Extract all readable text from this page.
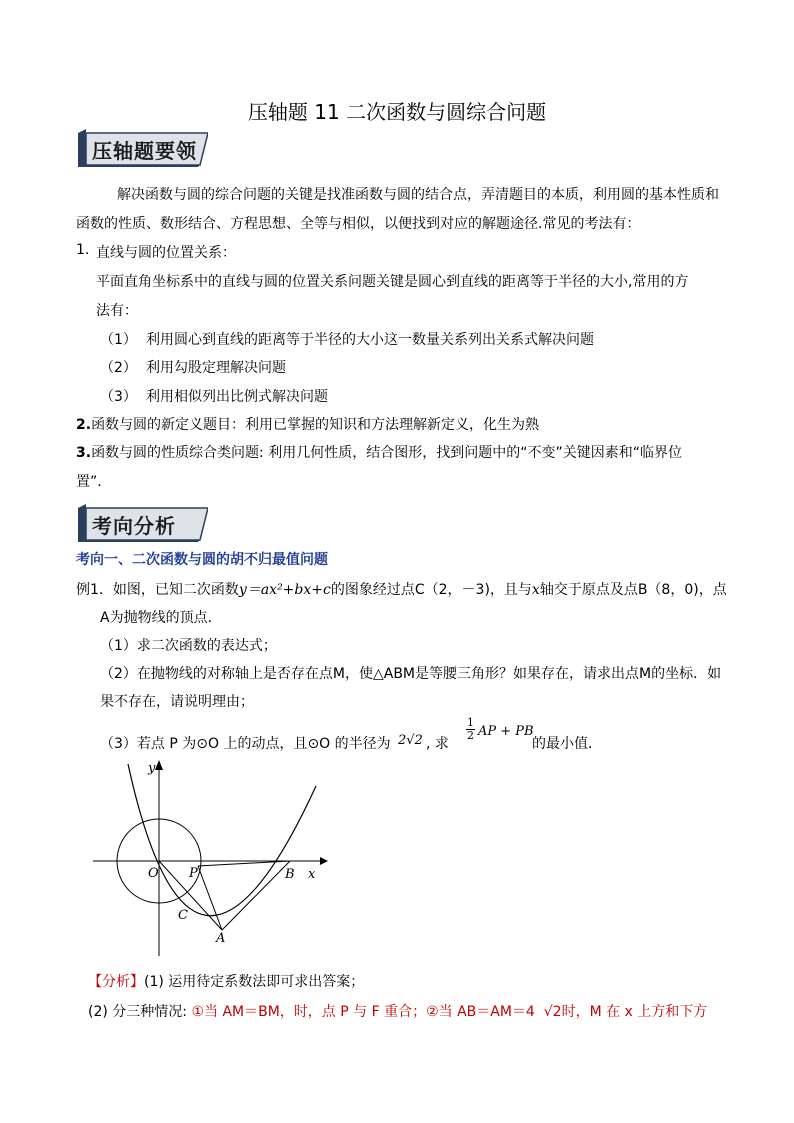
压轴题 11 二次函数与圆综合问题
压轴题要领
解决函数与圆的综合问题的关键是找准函数与圆的结合点，弄清题目的本质，利用圆的基本性质和
函数的性质、数形结合、方程思想、全等与相似，以便找到对应的解题途径.常见的考法有：
1. 直线与圆的位置关系：
平面直角坐标系中的直线与圆的位置关系问题关键是圆心到直线的距离等于半径的大小,常用的方
法有：
（1） 利用圆心到直线的距离等于半径的大小这一数量关系列出关系式解决问题
（2） 利用勾股定理解决问题
（3） 利用相似列出比例式解决问题
2.函数与圆的新定义题目：利用已掌握的知识和方法理解新定义，化生为熟
3.函数与圆的性质综合类问题: 利用几何性质，结合图形，找到问题中的“不变”关键因素和“临界位
置”.
考向分析
考向一、二次函数与圆的胡不归最值问题
例1．如图，已知二次函数y＝ax²+bx+c的图象经过点C（2，－3)，且与x轴交于原点及点B（8，0)，点
A为抛物线的顶点．
（1）求二次函数的表达式；
（2）在抛物线的对称轴上是否存在点M，使△ABM是等腰三角形？如果存在，请求出点M的坐标．如
果不存在，请说明理由；
（3）若点 P 为⊙O 上的动点，且⊙O 的半径为 2√2 , 求
$\frac{1}{2}$ AP + PB
的最小值．
y
x
O P	B
C
A
【分析】(1) 运用待定系数法即可求出答案；
(2) 分三种情况: ①当 AM＝BM，时，点 P 与 F 重合；②当 AB＝AM＝4 √2时，M 在 x 上方和下方
